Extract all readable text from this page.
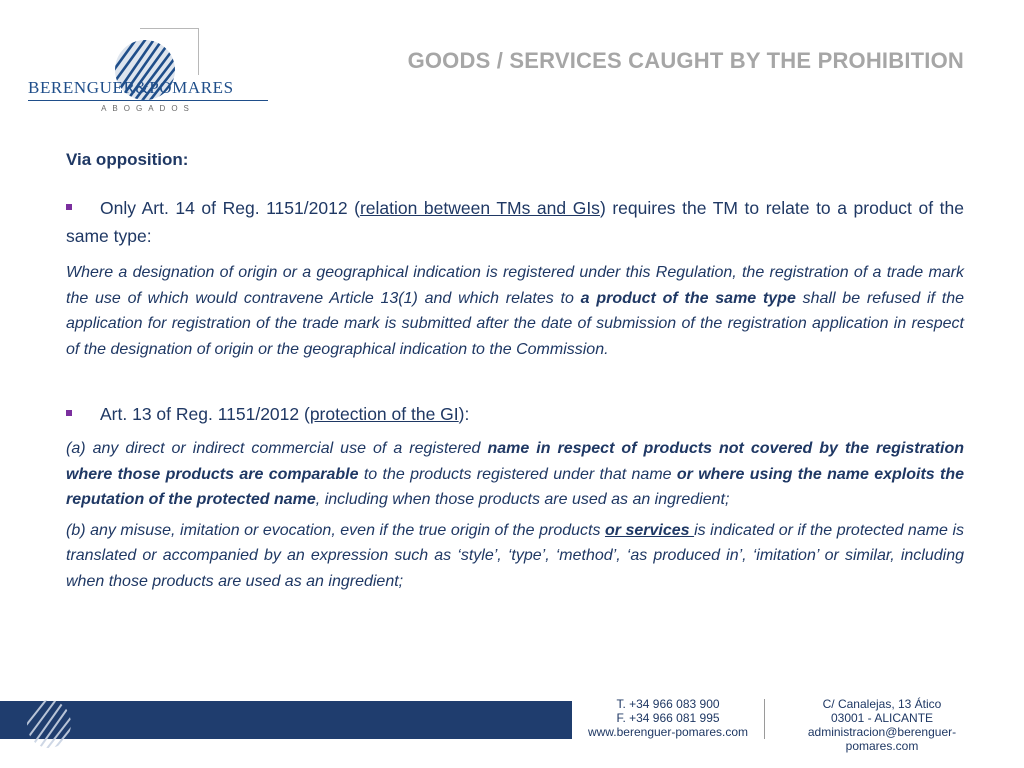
BERENGUER&POMARES
ABOGADOS
GOODS / SERVICES CAUGHT BY THE PROHIBITION

Via opposition:

Only Art. 14 of Reg. 1151/2012 (relation between TMs and GIs) requires the TM to relate to a product of the same type:

Where a designation of origin or a geographical indication is registered under this Regulation, the registration of a trade mark the use of which would contravene Article 13(1) and which relates to a product of the same type shall be refused if the application for registration of the trade mark is submitted after the date of submission of the registration application in respect of the designation of origin or the geographical indication to the Commission.

Art. 13 of Reg. 1151/2012 (protection of the GI):

(a) any direct or indirect commercial use of a registered name in respect of products not covered by the registration where those products are comparable to the products registered under that name or where using the name exploits the reputation of the protected name, including when those products are used as an ingredient;

(b) any misuse, imitation or evocation, even if the true origin of the products or services is indicated or if the protected name is translated or accompanied by an expression such as ‘style’, ‘type’, ‘method’, ‘as produced in’, ‘imitation’ or similar, including when those products are used as an ingredient;

T. +34 966 083 900
F. +34 966 081 995
www.berenguer-pomares.com
C/ Canalejas, 13 Ático
03001 - ALICANTE
administracion@berenguer-pomares.com
